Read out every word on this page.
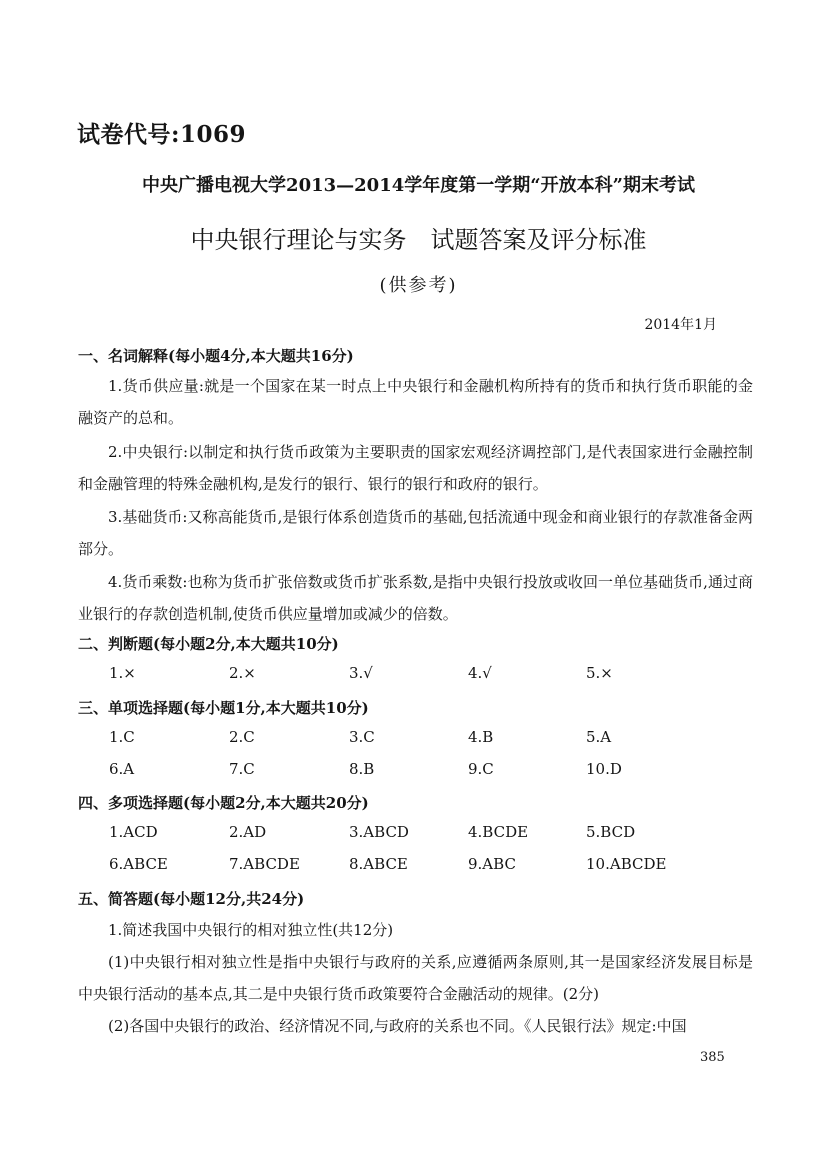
试卷代号:1069
中央广播电视大学2013—2014学年度第一学期“开放本科”期末考试
中央银行理论与实务　试题答案及评分标准
(供参考)
2014年1月
一、名词解释(每小题4分,本大题共16分)
1.货币供应量:就是一个国家在某一时点上中央银行和金融机构所持有的货币和执行货币职能的金融资产的总和。
2.中央银行:以制定和执行货币政策为主要职责的国家宏观经济调控部门,是代表国家进行金融控制和金融管理的特殊金融机构,是发行的银行、银行的银行和政府的银行。
3.基础货币:又称高能货币,是银行体系创造货币的基础,包括流通中现金和商业银行的存款准备金两部分。
4.货币乘数:也称为货币扩张倍数或货币扩张系数,是指中央银行投放或收回一单位基础货币,通过商业银行的存款创造机制,使货币供应量增加或减少的倍数。
二、判断题(每小题2分,本大题共10分)
1.×	2.×	3.√	4.√	5.×
三、单项选择题(每小题1分,本大题共10分)
1.C	2.C	3.C	4.B	5.A
6.A	7.C	8.B	9.C	10.D
四、多项选择题(每小题2分,本大题共20分)
1.ACD	2.AD	3.ABCD	4.BCDE	5.BCD
6.ABCE	7.ABCDE	8.ABCE	9.ABC	10.ABCDE
五、简答题(每小题12分,共24分)
1.简述我国中央银行的相对独立性(共12分)
(1)中央银行相对独立性是指中央银行与政府的关系,应遵循两条原则,其一是国家经济发展目标是中央银行活动的基本点,其二是中央银行货币政策要符合金融活动的规律。(2分)
(2)各国中央银行的政治、经济情况不同,与政府的关系也不同。《人民银行法》规定:中国
385
